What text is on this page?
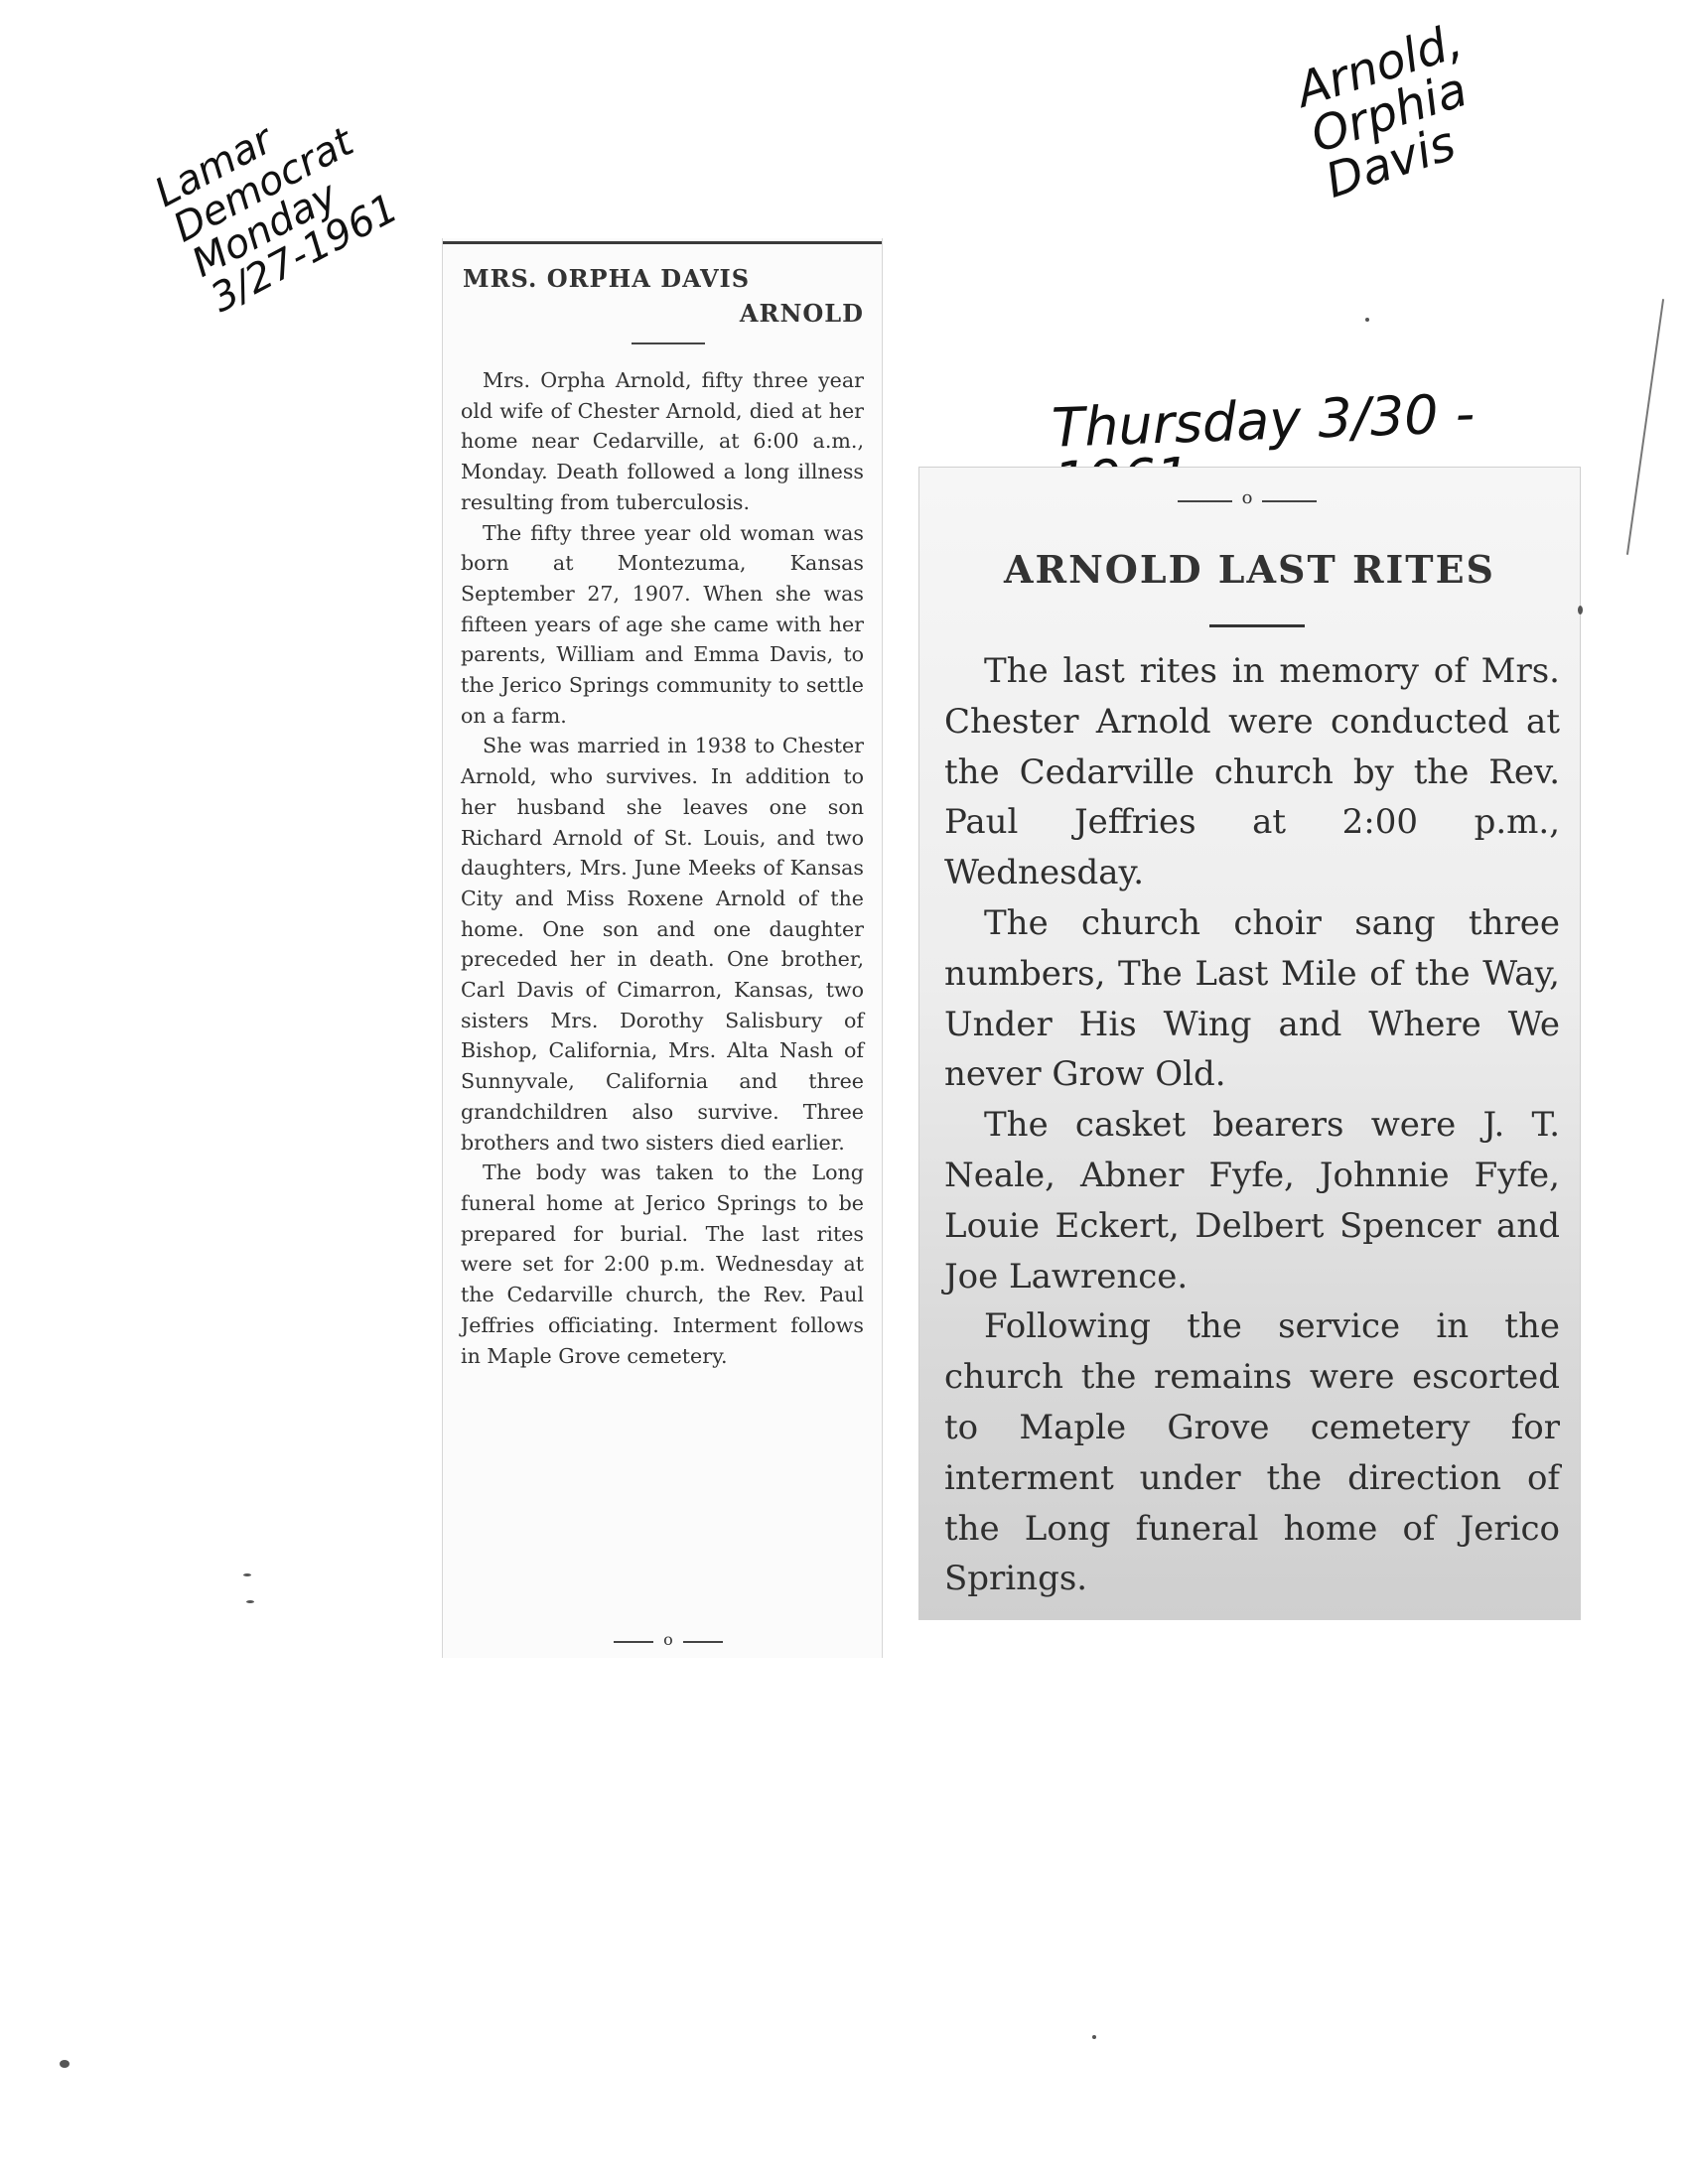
Lamar
Democrat
Monday
3/27-1961
Arnold,
Orphia
Davis
Thursday 3/30 -
MRS. ORPHA DAVIS
ARNOLD

Mrs. Orpha Arnold, fifty three year old wife of Chester Arnold, died at her home near Cedarville, at 6:00 a.m., Monday. Death followed a long illness resulting from tuberculosis.

The fifty three year old woman was born at Montezuma, Kansas September 27, 1907. When she was fifteen years of age she came with her parents, William and Emma Davis, to the Jerico Springs community to settle on a farm.

She was married in 1938 to Chester Arnold, who survives. In addition to her husband she leaves one son Richard Arnold of St. Louis, and two daughters, Mrs. June Meeks of Kansas City and Miss Roxene Arnold of the home. One son and one daughter preceded her in death. One brother, Carl Davis of Cimarron, Kansas, two sisters Mrs. Dorothy Salisbury of Bishop, California, Mrs. Alta Nash of Sunnyvale, California and three grandchildren also survive. Three brothers and two sisters died earlier.

The body was taken to the Long funeral home at Jerico Springs to be prepared for burial. The last rites were set for 2:00 p.m. Wednesday at the Cedarville church, the Rev. Paul Jeffries officiating. Interment follows in Maple Grove cemetery.

o
o
ARNOLD LAST RITES

The last rites in memory of Mrs. Chester Arnold were conducted at the Cedarville church by the Rev. Paul Jeffries at 2:00 p.m., Wednesday.

The church choir sang three numbers, The Last Mile of the Way, Under His Wing and Where We never Grow Old.

The casket bearers were J. T. Neale, Abner Fyfe, Johnnie Fyfe, Louie Eckert, Delbert Spencer and Joe Lawrence.

Following the service in the church the remains were escorted to Maple Grove cemetery for interment under the direction of the Long funeral home of Jerico Springs.
